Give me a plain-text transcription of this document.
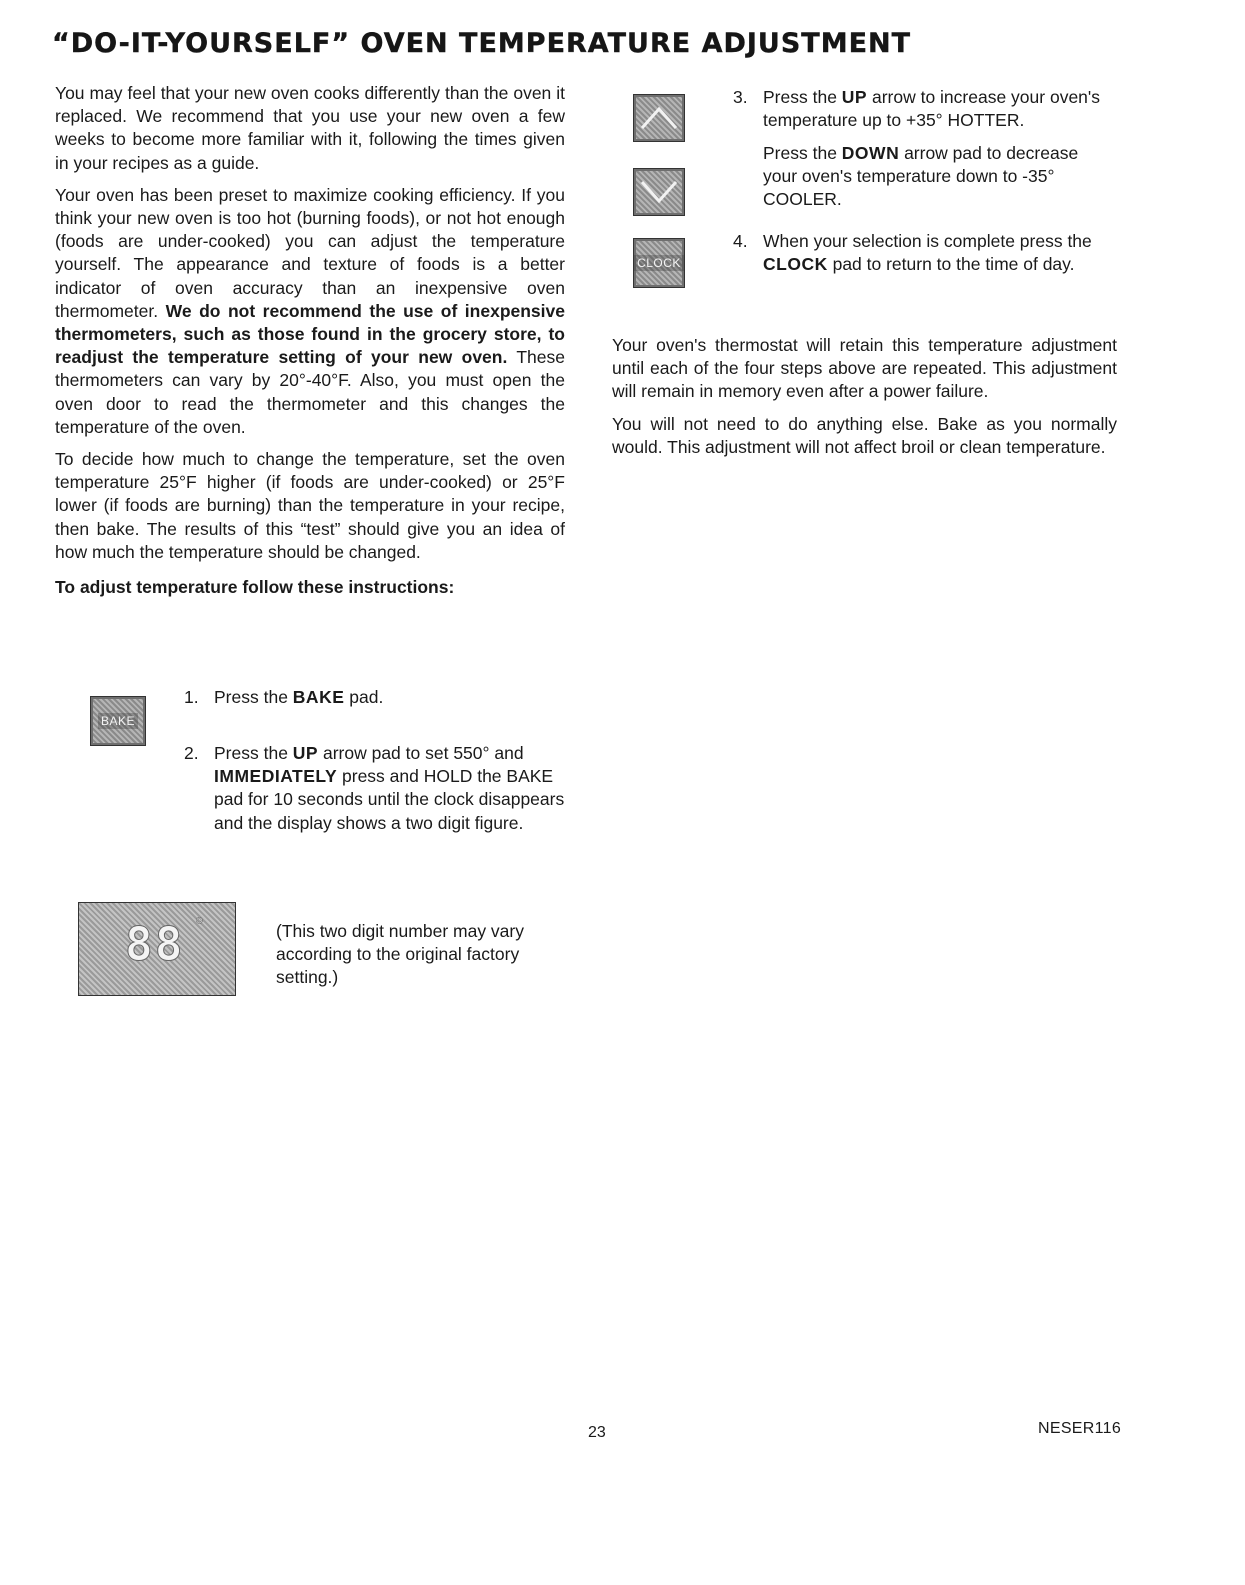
“DO-IT-YOURSELF” OVEN TEMPERATURE ADJUSTMENT

You may feel that your new oven cooks differently than the oven it replaced. We recommend that you use your new oven a few weeks to become more familiar with it, following the times given in your recipes as a guide.

Your oven has been preset to maximize cooking efficiency. If you think your new oven is too hot (burning foods), or not hot enough (foods are under-cooked) you can adjust the temperature yourself. The appearance and texture of foods is a better indicator of oven accuracy than an inexpensive oven thermometer. We do not recommend the use of inexpensive thermometers, such as those found in the grocery store, to readjust the temperature setting of your new oven. These thermometers can vary by 20°-40°F. Also, you must open the oven door to read the thermometer and this changes the temperature of the oven.

To decide how much to change the temperature, set the oven temperature 25°F higher (if foods are under-cooked) or 25°F lower (if foods are burning) than the temperature in your recipe, then bake. The results of this “test” should give you an idea of how much the temperature should be changed.

To adjust temperature follow these instructions:

BAKE
1. Press the BAKE pad.
2. Press the UP arrow pad to set 550° and IMMEDIATELY press and HOLD the BAKE pad for 10 seconds until the clock disappears and the display shows a two digit figure.
88 °	(This two digit number may vary according to the original factory setting.)
CLOCK
3. Press the UP arrow to increase your oven's temperature up to +35° HOTTER.
Press the DOWN arrow pad to decrease your oven's temperature down to -35° COOLER.
4. When your selection is complete press the CLOCK pad to return to the time of day.

Your oven's thermostat will retain this temperature adjustment until each of the four steps above are repeated. This adjustment will remain in memory even after a power failure.

You will not need to do anything else. Bake as you normally would. This adjustment will not affect broil or clean temperature.

23	NESER116
